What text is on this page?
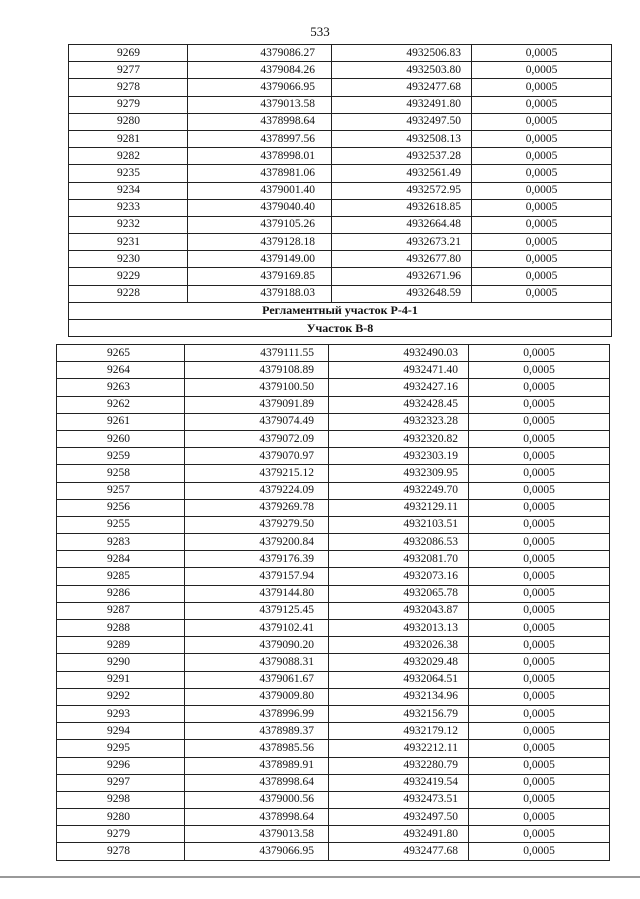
533
9269	4379086.27	4932506.83	0,0005
9277	4379084.26	4932503.80	0,0005
9278	4379066.95	4932477.68	0,0005
9279	4379013.58	4932491.80	0,0005
9280	4378998.64	4932497.50	0,0005
9281	4378997.56	4932508.13	0,0005
9282	4378998.01	4932537.28	0,0005
9235	4378981.06	4932561.49	0,0005
9234	4379001.40	4932572.95	0,0005
9233	4379040.40	4932618.85	0,0005
9232	4379105.26	4932664.48	0,0005
9231	4379128.18	4932673.21	0,0005
9230	4379149.00	4932677.80	0,0005
9229	4379169.85	4932671.96	0,0005
9228	4379188.03	4932648.59	0,0005
Регламентный участок Р-4-1			
Участок В-8			
9265	4379111.55	4932490.03	0,0005
9264	4379108.89	4932471.40	0,0005
9263	4379100.50	4932427.16	0,0005
9262	4379091.89	4932428.45	0,0005
9261	4379074.49	4932323.28	0,0005
9260	4379072.09	4932320.82	0,0005
9259	4379070.97	4932303.19	0,0005
9258	4379215.12	4932309.95	0,0005
9257	4379224.09	4932249.70	0,0005
9256	4379269.78	4932129.11	0,0005
9255	4379279.50	4932103.51	0,0005
9283	4379200.84	4932086.53	0,0005
9284	4379176.39	4932081.70	0,0005
9285	4379157.94	4932073.16	0,0005
9286	4379144.80	4932065.78	0,0005
9287	4379125.45	4932043.87	0,0005
9288	4379102.41	4932013.13	0,0005
9289	4379090.20	4932026.38	0,0005
9290	4379088.31	4932029.48	0,0005
9291	4379061.67	4932064.51	0,0005
9292	4379009.80	4932134.96	0,0005
9293	4378996.99	4932156.79	0,0005
9294	4378989.37	4932179.12	0,0005
9295	4378985.56	4932212.11	0,0005
9296	4378989.91	4932280.79	0,0005
9297	4378998.64	4932419.54	0,0005
9298	4379000.56	4932473.51	0,0005
9280	4378998.64	4932497.50	0,0005
9279	4379013.58	4932491.80	0,0005
9278	4379066.95	4932477.68	0,0005
